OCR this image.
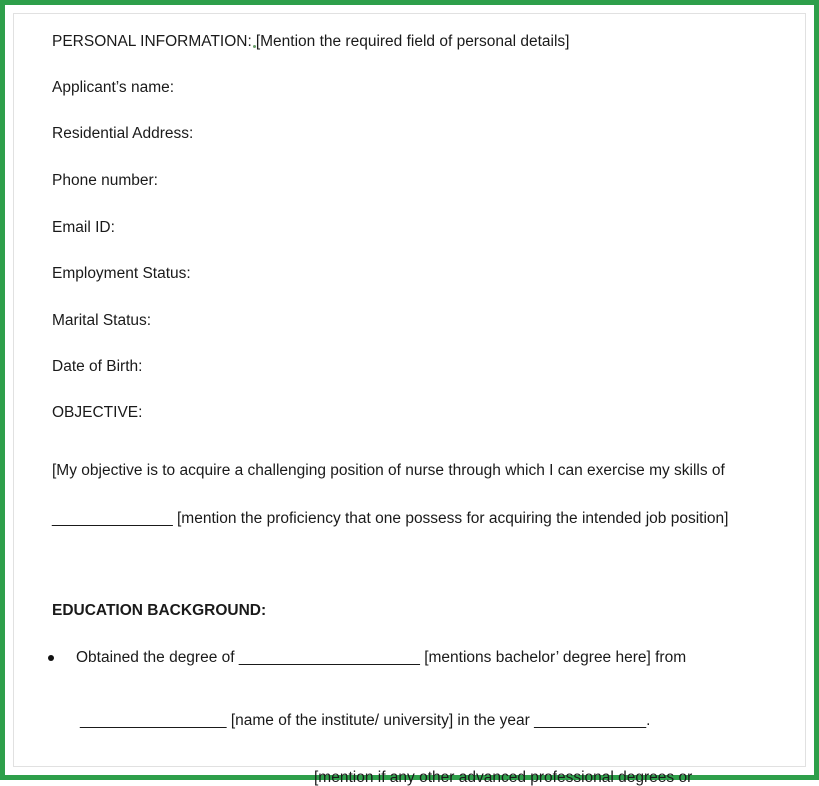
PERSONAL INFORMATION: [Mention the required field of personal details]
Applicant’s name:
Residential Address:
Phone number:
Email ID:
Employment Status:
Marital Status:
Date of Birth:
OBJECTIVE:
[My objective is to acquire a challenging position of nurse through which I can exercise my skills of
______________ [mention the proficiency that one possess for acquiring the intended job position]
EDUCATION BACKGROUND:
Obtained the degree of _____________________ [mentions bachelor’ degree here] from
_________________ [name of the institute/ university] in the year _____________.
[mention if any other advanced professional degrees or
